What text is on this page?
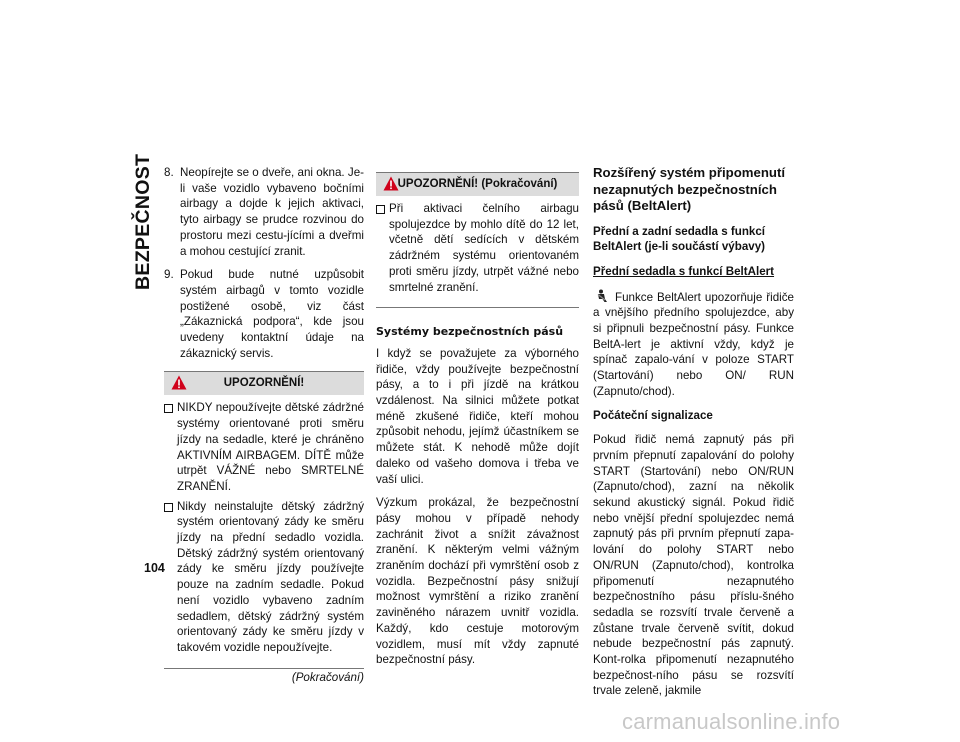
BEZPEČNOST 8. Neopírejte se o dveře, ani okna. Je-li vaše vozidlo vybaveno bočními airbagy a dojde k jejich aktivaci, tyto airbagy se prudce rozvinou do prostoru mezi cestu-jícími a dveřmi a mohou cestující zranit.
9. Pokud bude nutné uzpůsobit systém airbagů v tomto vozidle postižené osobě, viz část „Zákaznická podpora“, kde jsou uvedeny kontaktní údaje na zákaznický servis.
UPOZORNĚNÍ!
NIKDY nepoužívejte dětské zádržné systémy orientované proti směru jízdy na sedadle, které je chráněno AKTIVNÍM AIRBAGEM. DÍTĚ může utrpět VÁŽNÉ nebo SMRTELNÉ ZRANĚNÍ.
Nikdy neinstalujte dětský zádržný systém orientovaný zády ke směru jízdy na přední sedadlo vozidla. Dětský zádržný systém orientovaný zády ke směru jízdy používejte pouze na zadním sedadle. Pokud není vozidlo vybaveno zadním sedadlem, dětský zádržný systém orientovaný zády ke směru jízdy v takovém vozidle nepoužívejte.
(Pokračování)
UPOZORNĚNÍ! (Pokračování)
Při aktivaci čelního airbagu spolujezdce by mohlo dítě do 12 let, včetně dětí sedících v dětském zádržném systému orientovaném proti směru jízdy, utrpět vážné nebo smrtelné zranění.
Systémy bezpečnostních pásů

I když se považujete za výborného řidiče, vždy používejte bezpečnostní pásy, a to i při jízdě na krátkou vzdálenost. Na silnici můžete potkat méně zkušené řidiče, kteří mohou způsobit nehodu, jejímž účastníkem se můžete stát. K nehodě může dojít daleko od vašeho domova i třeba ve vaší ulici.

Výzkum prokázal, že bezpečnostní pásy mohou v případě nehody zachránit život a snížit závažnost zranění. K některým velmi vážným zraněním dochází při vymrštění osob z vozidla. Bezpečnostní pásy snižují možnost vymrštění a riziko zranění zaviněného nárazem uvnitř vozidla. Každý, kdo cestuje motorovým vozidlem, musí mít vždy zapnuté bezpečnostní pásy.

Rozšířený systém připomenutí nezapnutých bezpečnostních pásů (BeltAlert)
Přední a zadní sedadla s funkcí BeltAlert (je-li součástí výbavy)
Přední sedadla s funkcí BeltAlert

Funkce BeltAlert upozorňuje řidiče a vnějšího předního spolujezdce, aby si připnuli bezpečnostní pásy. Funkce BeltA-lert je aktivní vždy, když je spínač zapalo-vání v poloze START (Startování) nebo ON/ RUN (Zapnuto/chod).

Počáteční signalizace

Pokud řidič nemá zapnutý pás při prvním přepnutí zapalování do polohy START (Startování) nebo ON/RUN (Zapnuto/chod), zazní na několik sekund akustický signál. Pokud řidič nebo vnější přední spolujezdec nemá zapnutý pás při prvním přepnutí zapa-lování do polohy START nebo ON/RUN (Zapnuto/chod), kontrolka připomenutí nezapnutého bezpečnostního pásu příslu-šného sedadla se rozsvítí trvale červeně a zůstane trvale červeně svítit, dokud nebude bezpečnostní pás zapnutý. Kont-rolka připomenutí nezapnutého bezpečnost-ního pásu se rozsvítí trvale zeleně, jakmile

104
carmanualsonline.info
